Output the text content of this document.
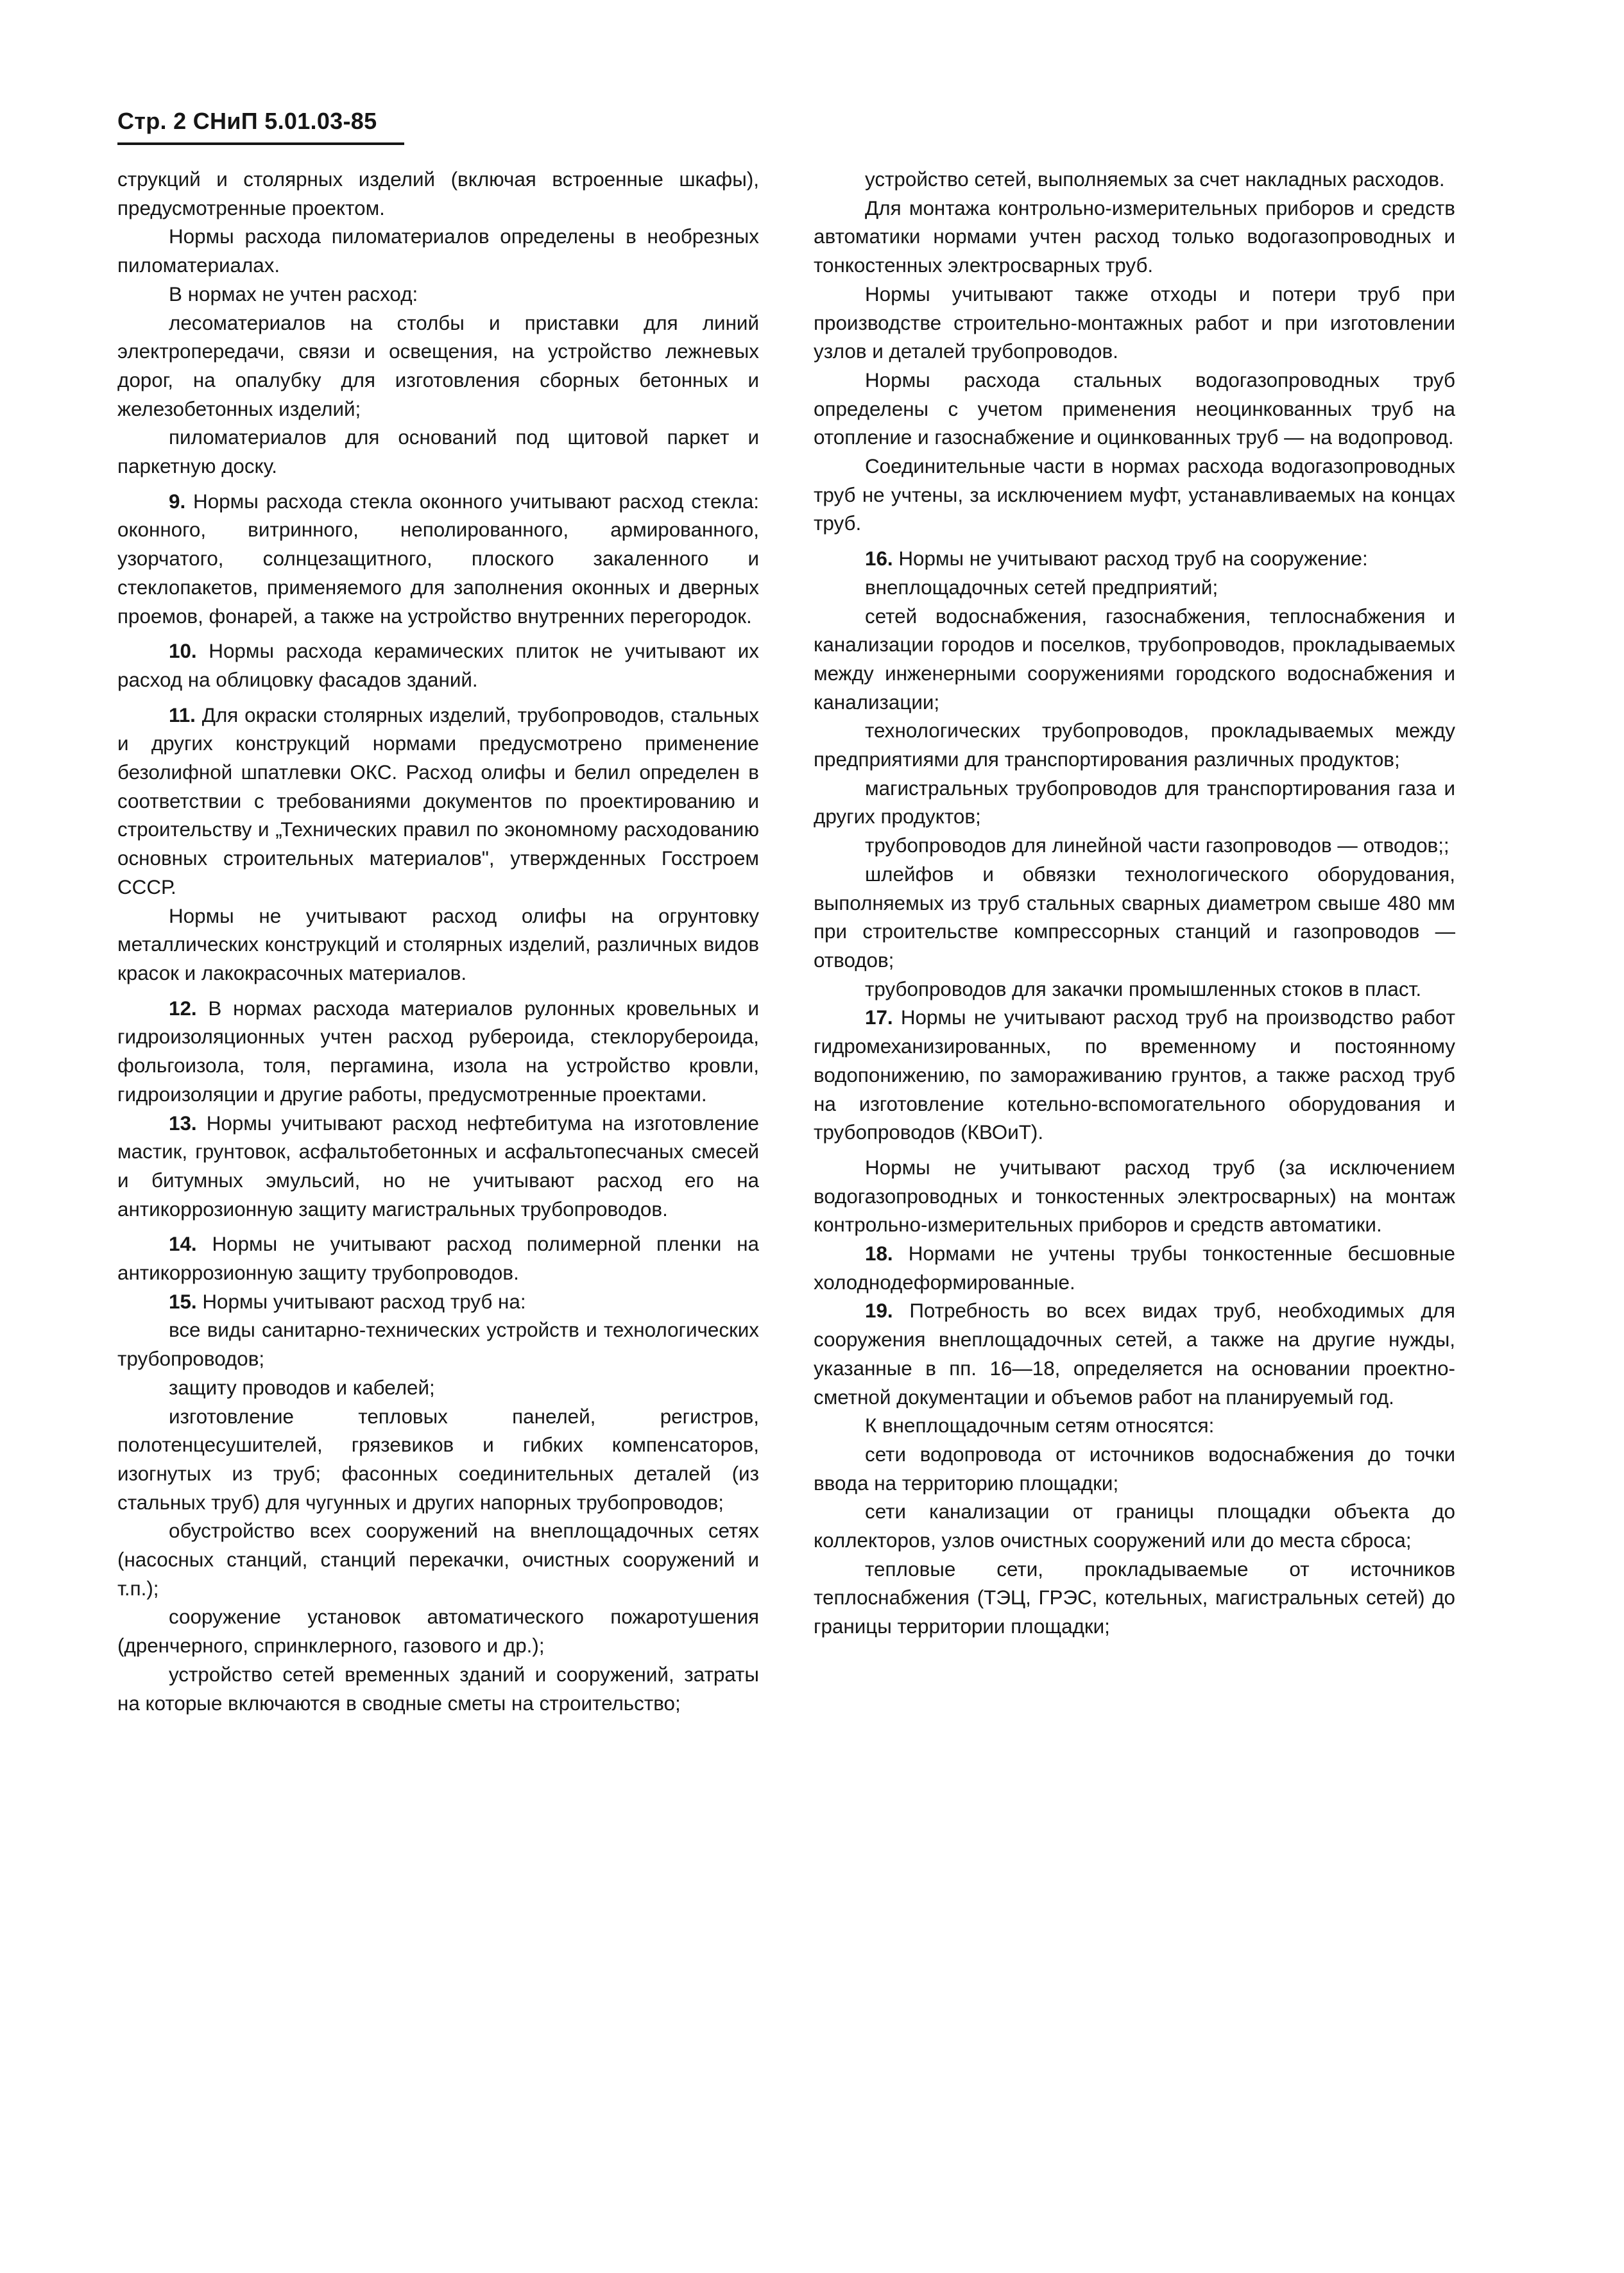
Стр. 2 СНиП 5.01.03-85

струкций и столярных изделий (включая встроенные шкафы), предусмотренные проектом.

Нормы расхода пиломатериалов определены в необрезных пиломатериалах.

В нормах не учтен расход:

лесоматериалов на столбы и приставки для линий электропередачи, связи и освещения, на устройство лежневых дорог, на опалубку для изготовления сборных бетонных и железобетонных изделий;

пиломатериалов для оснований под щитовой паркет и паркетную доску.

9. Нормы расхода стекла оконного учитывают расход стекла: оконного, витринного, неполированного, армированного, узорчатого, солнцезащитного, плоского закаленного и стеклопакетов, применяемого для заполнения оконных и дверных проемов, фонарей, а также на устройство внутренних перегородок.

10. Нормы расхода керамических плиток не учитывают их расход на облицовку фасадов зданий.

11. Для окраски столярных изделий, трубопроводов, стальных и других конструкций нормами предусмотрено применение безолифной шпатлевки ОКС. Расход олифы и белил определен в соответствии с требованиями документов по проектированию и строительству и „Технических правил по экономному расходованию основных строительных материалов", утвержденных Госстроем СССР.

Нормы не учитывают расход олифы на огрунтовку металлических конструкций и столярных изделий, различных видов красок и лакокрасочных материалов.

12. В нормах расхода материалов рулонных кровельных и гидроизоляционных учтен расход рубероида, стеклорубероида, фольгоизола, толя, пергамина, изола на устройство кровли, гидроизоляции и другие работы, предусмотренные проектами.

13. Нормы учитывают расход нефтебитума на изготовление мастик, грунтовок, асфальтобетонных и асфальтопесчаных смесей и битумных эмульсий, но не учитывают расход его на антикоррозионную защиту магистральных трубопроводов.

14. Нормы не учитывают расход полимерной пленки на антикоррозионную защиту трубопроводов.

15. Нормы учитывают расход труб на:

все виды санитарно-технических устройств и технологических трубопроводов;

защиту проводов и кабелей;

изготовление тепловых панелей, регистров, полотенцесушителей, грязевиков и гибких компенсаторов, изогнутых из труб; фасонных соединительных деталей (из стальных труб) для чугунных и других напорных трубопроводов;

обустройство всех сооружений на внеплощадочных сетях (насосных станций, станций перекачки, очистных сооружений и т.п.);

сооружение установок автоматического пожаротушения (дренчерного, спринклерного, газового и др.);

устройство сетей временных зданий и сооружений, затраты на которые включаются в сводные сметы на строительство;

устройство сетей, выполняемых за счет накладных расходов.

Для монтажа контрольно-измерительных приборов и средств автоматики нормами учтен расход только водогазопроводных и тонкостенных электросварных труб.

Нормы учитывают также отходы и потери труб при производстве строительно-монтажных работ и при изготовлении узлов и деталей трубопроводов.

Нормы расхода стальных водогазопроводных труб определены с учетом применения неоцинкованных труб на отопление и газоснабжение и оцинкованных труб — на водопровод.

Соединительные части в нормах расхода водогазопроводных труб не учтены, за исключением муфт, устанавливаемых на концах труб.

16. Нормы не учитывают расход труб на сооружение:

внеплощадочных сетей предприятий;

сетей водоснабжения, газоснабжения, теплоснабжения и канализации городов и поселков, трубопроводов, прокладываемых между инженерными сооружениями городского водоснабжения и канализации;

технологических трубопроводов, прокладываемых между предприятиями для транспортирования различных продуктов;

магистральных трубопроводов для транспортирования газа и других продуктов;

трубопроводов для линейной части газопроводов — отводов;;

шлейфов и обвязки технологического оборудования, выполняемых из труб стальных сварных диаметром свыше 480 мм при строительстве компрессорных станций и газопроводов — отводов;

трубопроводов для закачки промышленных стоков в пласт.

17. Нормы не учитывают расход труб на производство работ гидромеханизированных, по временному и постоянному водопонижению, по замораживанию грунтов, а также расход труб на изготовление котельно-вспомогательного оборудования и трубопроводов (КВОиТ).

Нормы не учитывают расход труб (за исключением водогазопроводных и тонкостенных электросварных) на монтаж контрольно-измерительных приборов и средств автоматики.

18. Нормами не учтены трубы тонкостенные бесшовные холоднодеформированные.

19. Потребность во всех видах труб, необходимых для сооружения внеплощадочных сетей, а также на другие нужды, указанные в пп. 16—18, определяется на основании проектно-сметной документации и объемов работ на планируемый год.

К внеплощадочным сетям относятся:

сети водопровода от источников водоснабжения до точки ввода на территорию площадки;

сети канализации от границы площадки объекта до коллекторов, узлов очистных сооружений или до места сброса;

тепловые сети, прокладываемые от источников теплоснабжения (ТЭЦ, ГРЭС, котельных, магистральных сетей) до границы территории площадки;
